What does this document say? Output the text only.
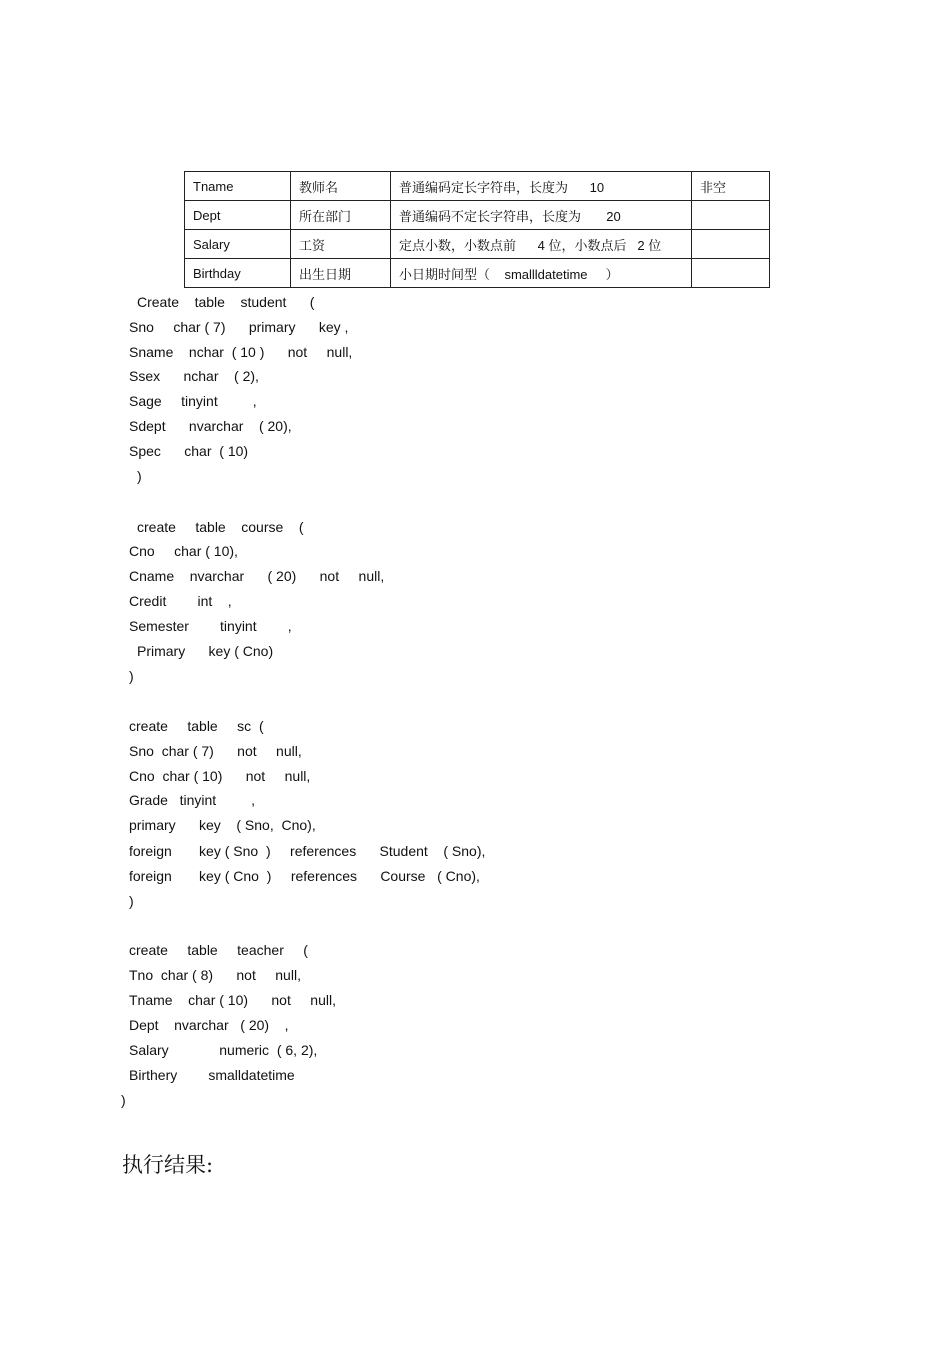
Tname	教师名	普通编码定长字符串，长度为      10	非空
Dept	所在部门	普通编码不定长字符串，长度为       20	
Salary	工资	定点小数，小数点前      4 位，小数点后   2 位	
Birthday	出生日期	小日期时间型（    smallldatetime     ）	
Create    table    student      (
Sno     char ( 7)      primary      key ,
Sname    nchar  ( 10 )      not     null,
Ssex      nchar    ( 2),
Sage     tinyint         ,
Sdept      nvarchar    ( 20),
Spec      char  ( 10)
)
create     table    course    (
Cno     char ( 10),
Cname    nvarchar      ( 20)      not     null,
Credit        int    ,
Semester        tinyint        ,
Primary      key ( Cno)
)
create     table     sc  (
Sno  char ( 7)      not     null,
Cno  char ( 10)      not     null,
Grade   tinyint         ,
primary      key    ( Sno,  Cno),
foreign       key ( Sno  )     references      Student    ( Sno),
foreign       key ( Cno  )     references      Course   ( Cno),
)
create     table     teacher     (
Tno  char ( 8)      not     null,
Tname    char ( 10)      not     null,
Dept    nvarchar   ( 20)    ,
Salary             numeric  ( 6, 2),
Birthery        smalldatetime
)
执行结果:
